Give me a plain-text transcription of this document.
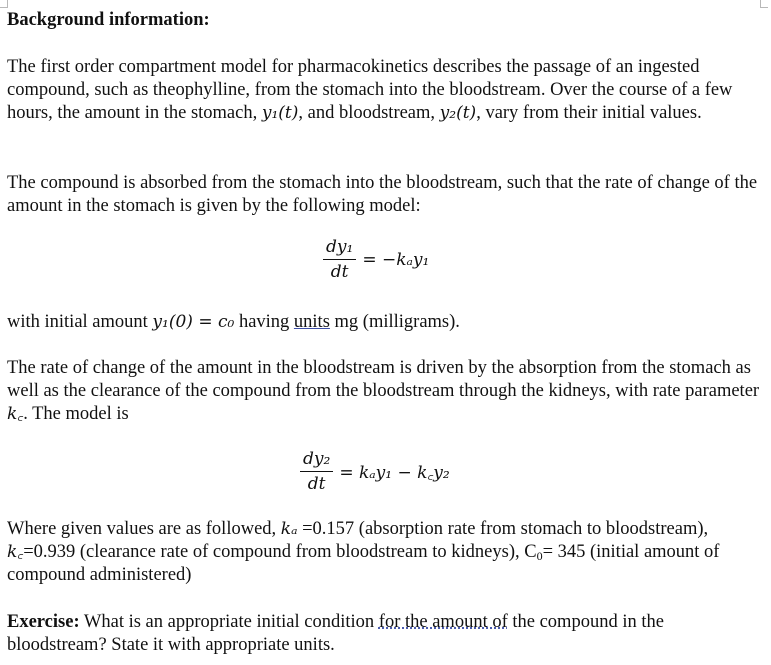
Background information:

The first order compartment model for pharmacokinetics describes the passage of an ingested compound, such as theophylline, from the stomach into the bloodstream. Over the course of a few hours, the amount in the stomach, y₁(t), and bloodstream, y₂(t), vary from their initial values.

The compound is absorbed from the stomach into the bloodstream, such that the rate of change of the amount in the stomach is given by the following model:

$\frac{\text{dy₁}}{dt} = -k_ay_1$

with initial amount y₁(0) = c₀ having units mg (milligrams).

The rate of change of the amount in the bloodstream is driven by the absorption from the stomach as well as the clearance of the compound from the bloodstream through the kidneys, with rate parameter k꜀. The model is

$\frac{\text{dy₂}}{dt} = k_ay_1$ − k꜀y₂

Where given values are as followed, kₐ =0.157 (absorption rate from stomach to bloodstream), k꜀=0.939 (clearance rate of compound from bloodstream to kidneys), $C_0= 345$ (initial amount of compound administered)

Exercise: What is an appropriate initial condition for the amount of the compound in the bloodstream? State it with appropriate units.
